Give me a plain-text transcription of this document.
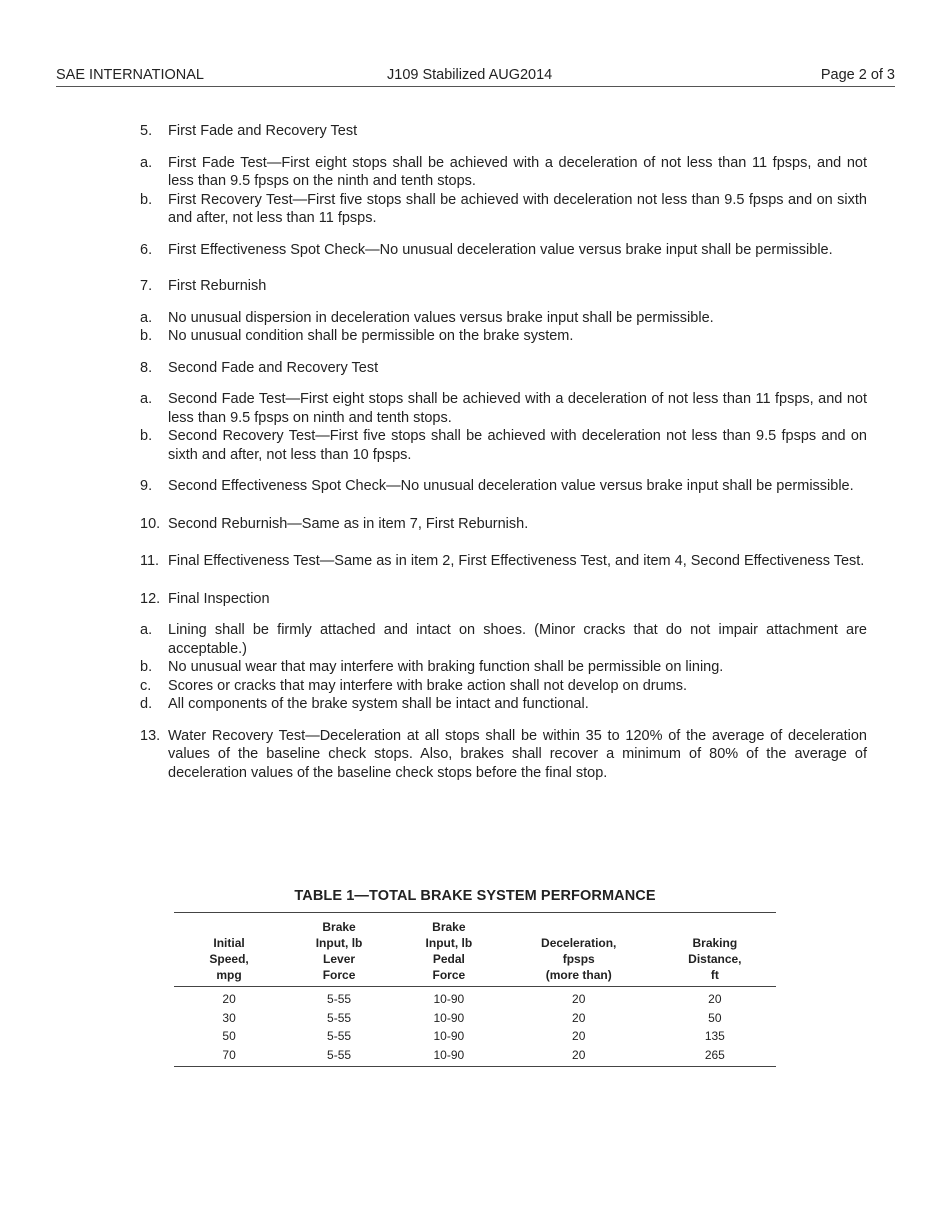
SAE INTERNATIONAL	J109 Stabilized AUG2014	Page 2 of 3
5. First Fade and Recovery Test

a. First Fade Test—First eight stops shall be achieved with a deceleration of not less than 11 fpsps, and not less than 9.5 fpsps on the ninth and tenth stops.

b. First Recovery Test—First five stops shall be achieved with deceleration not less than 9.5 fpsps and on sixth and after, not less than 11 fpsps.

6. First Effectiveness Spot Check—No unusual deceleration value versus brake input shall be permissible.

7. First Reburnish

a. No unusual dispersion in deceleration values versus brake input shall be permissible.

b. No unusual condition shall be permissible on the brake system.

8. Second Fade and Recovery Test

a. Second Fade Test—First eight stops shall be achieved with a deceleration of not less than 11 fpsps, and not less than 9.5 fpsps on ninth and tenth stops.

b. Second Recovery Test—First five stops shall be achieved with deceleration not less than 9.5 fpsps and on sixth and after, not less than 10 fpsps.

9. Second Effectiveness Spot Check—No unusual deceleration value versus brake input shall be permissible.

10. Second Reburnish—Same as in item 7, First Reburnish.

11. Final Effectiveness Test—Same as in item 2, First Effectiveness Test, and item 4, Second Effectiveness Test.

12. Final Inspection

a. Lining shall be firmly attached and intact on shoes. (Minor cracks that do not impair attachment are acceptable.)

b. No unusual wear that may interfere with braking function shall be permissible on lining.

c. Scores or cracks that may interfere with brake action shall not develop on drums.

d. All components of the brake system shall be intact and functional.

13. Water Recovery Test—Deceleration at all stops shall be within 35 to 120% of the average of deceleration values of the baseline check stops. Also, brakes shall recover a minimum of 80% of the average of deceleration values of the baseline check stops before the final stop.

TABLE 1—TOTAL BRAKE SYSTEM PERFORMANCE
Initial
Speed,
mpg	Brake
Input, lb
Lever
Force	Brake
Input, lb
Pedal
Force	Deceleration,
fpsps
(more than)	Braking
Distance,
ft
20	5-55	10-90	20	20
30	5-55	10-90	20	50
50	5-55	10-90	20	135
70	5-55	10-90	20	265
